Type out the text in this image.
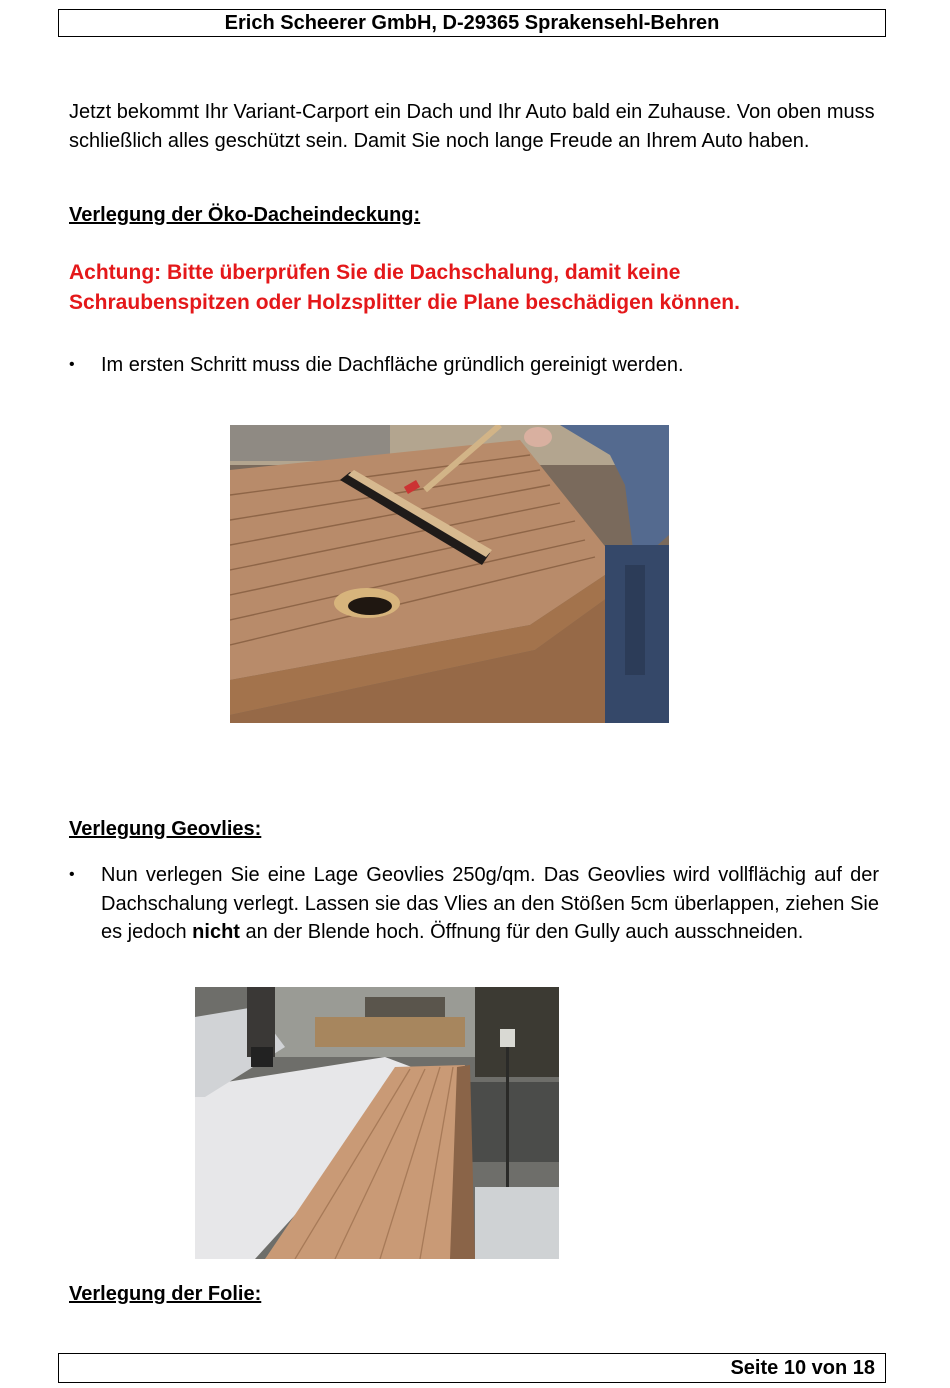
Erich Scheerer GmbH, D-29365 Sprakensehl-Behren
Jetzt bekommt Ihr Variant-Carport ein Dach und Ihr Auto bald ein Zuhause. Von oben muss schließlich alles geschützt sein. Damit Sie noch lange Freude an Ihrem Auto haben.
Verlegung der Öko-Dacheindeckung:
Achtung: Bitte überprüfen Sie die Dachschalung, damit keine
Schraubenspitzen oder Holzsplitter die Plane beschädigen können.
• Im ersten Schritt muss die Dachfläche gründlich gereinigt werden.
Verlegung Geovlies:
• Nun verlegen Sie eine Lage Geovlies 250g/qm. Das Geovlies wird vollflächig auf der Dachschalung verlegt. Lassen sie das Vlies an den Stößen 5cm überlappen, ziehen Sie es jedoch nicht an der Blende hoch. Öffnung für den Gully auch ausschneiden.
Verlegung der Folie:
Seite 10 von 18
